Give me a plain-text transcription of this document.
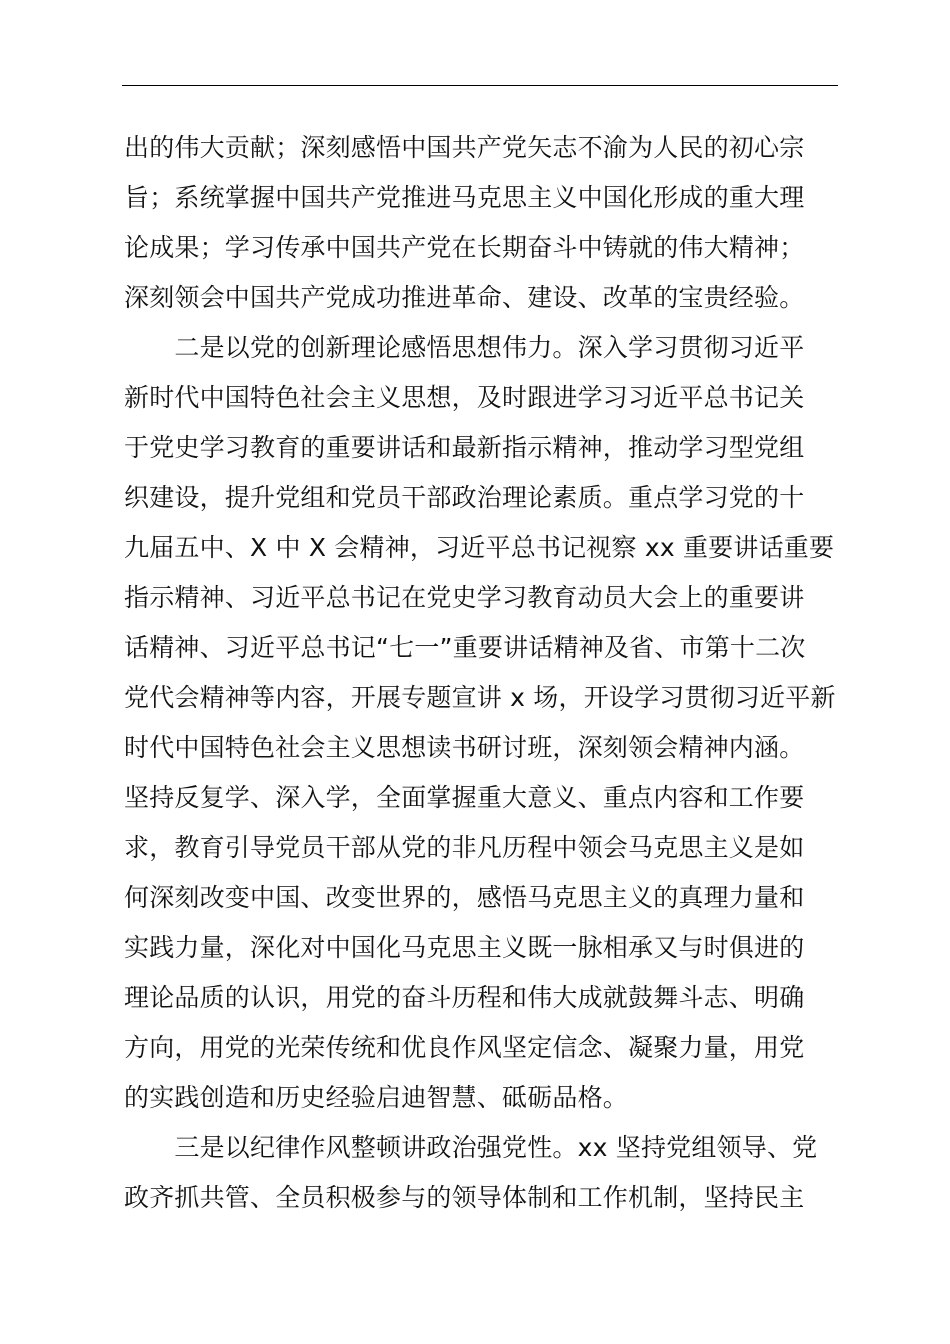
出的伟大贡献；深刻感悟中国共产党矢志不渝为人民的初心宗
旨；系统掌握中国共产党推进马克思主义中国化形成的重大理
论成果；学习传承中国共产党在长期奋斗中铸就的伟大精神；
深刻领会中国共产党成功推进革命、建设、改革的宝贵经验。
　　二是以党的创新理论感悟思想伟力。深入学习贯彻习近平
新时代中国特色社会主义思想，及时跟进学习习近平总书记关
于党史学习教育的重要讲话和最新指示精神，推动学习型党组
织建设，提升党组和党员干部政治理论素质。重点学习党的十
九届五中、X 中 X 会精神，习近平总书记视察 xx 重要讲话重要
指示精神、习近平总书记在党史学习教育动员大会上的重要讲
话精神、习近平总书记“七一”重要讲话精神及省、市第十二次
党代会精神等内容，开展专题宣讲 x 场，开设学习贯彻习近平新
时代中国特色社会主义思想读书研讨班，深刻领会精神内涵。
坚持反复学、深入学，全面掌握重大意义、重点内容和工作要
求，教育引导党员干部从党的非凡历程中领会马克思主义是如
何深刻改变中国、改变世界的，感悟马克思主义的真理力量和
实践力量，深化对中国化马克思主义既一脉相承又与时俱进的
理论品质的认识，用党的奋斗历程和伟大成就鼓舞斗志、明确
方向，用党的光荣传统和优良作风坚定信念、凝聚力量，用党
的实践创造和历史经验启迪智慧、砥砺品格。
　　三是以纪律作风整顿讲政治强党性。xx 坚持党组领导、党
政齐抓共管、全员积极参与的领导体制和工作机制，坚持民主
